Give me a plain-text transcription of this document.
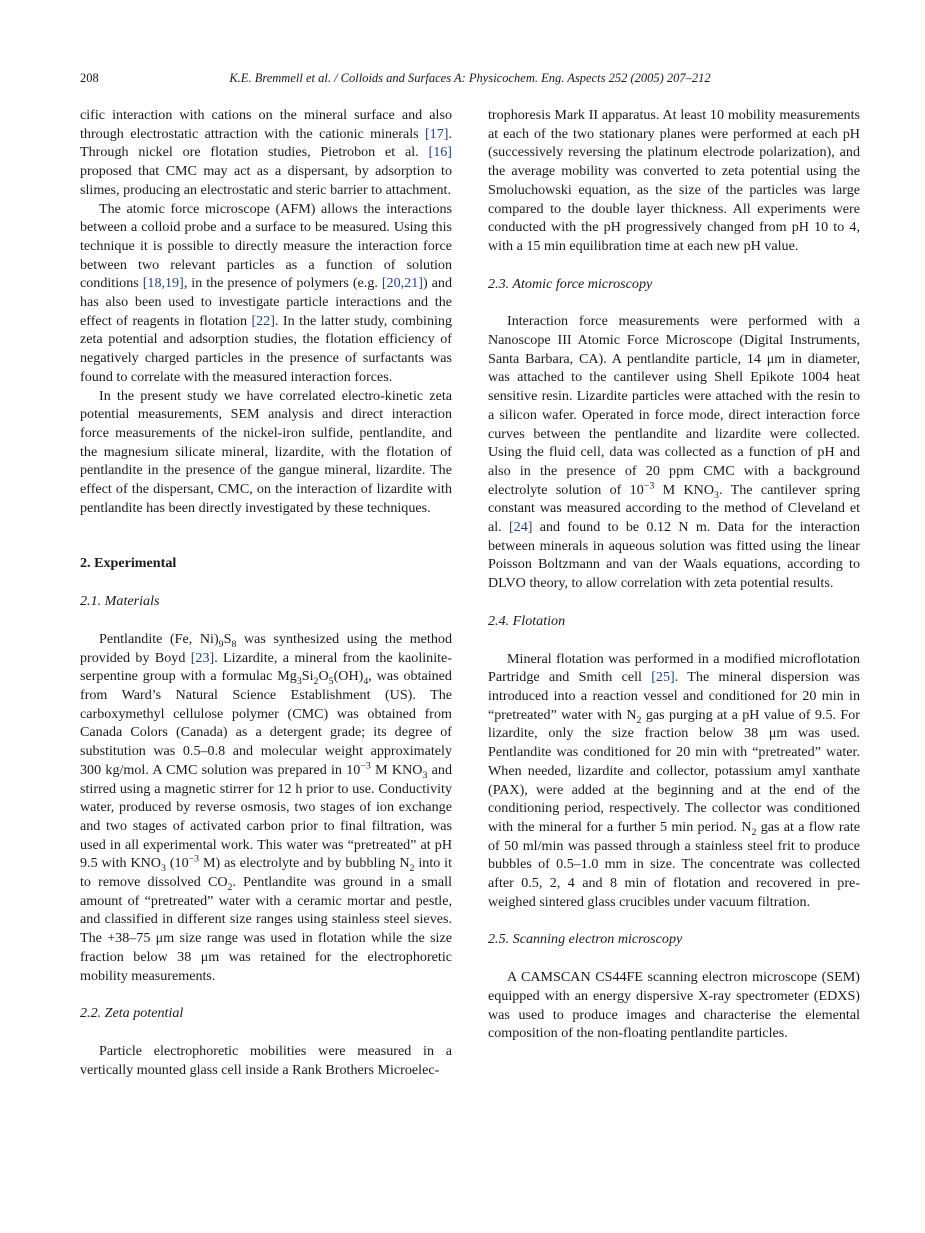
208	K.E. Bremmell et al. / Colloids and Surfaces A: Physicochem. Eng. Aspects 252 (2005) 207–212

cific interaction with cations on the mineral surface and also through electrostatic attraction with the cationic minerals [17]. Through nickel ore flotation studies, Pietrobon et al. [16] proposed that CMC may act as a dispersant, by adsorption to slimes, producing an electrostatic and steric barrier to attachment.

The atomic force microscope (AFM) allows the interactions between a colloid probe and a surface to be measured. Using this technique it is possible to directly measure the interaction force between two relevant particles as a function of solution conditions [18,19], in the presence of polymers (e.g. [20,21]) and has also been used to investigate particle interactions and the effect of reagents in flotation [22]. In the latter study, combining zeta potential and adsorption studies, the flotation efficiency of negatively charged particles in the presence of surfactants was found to correlate with the measured interaction forces.

In the present study we have correlated electro-kinetic zeta potential measurements, SEM analysis and direct interaction force measurements of the nickel-iron sulfide, pentlandite, and the magnesium silicate mineral, lizardite, with the flotation of pentlandite in the presence of the gangue mineral, lizardite. The effect of the dispersant, CMC, on the interaction of lizardite with pentlandite has been directly investigated by these techniques.

2. Experimental
2.1. Materials

Pentlandite (Fe, $Ni)_9S_8$ was synthesized using the method provided by Boyd [23]. Lizardite, a mineral from the kaolinite-serpentine group with a formulac $Mg_3Si_2O_5(OH)_4$, was obtained from Ward’s Natural Science Establishment (US). The carboxymethyl cellulose polymer (CMC) was obtained from Canada Colors (Canada) as a detergent grade; its degree of substitution was 0.5–0.8 and molecular weight approximately 300 kg/mol. A CMC solution was prepared in $10^{-3}$ M $KNO_3$ and stirred using a magnetic stirrer for 12 h prior to use. Conductivity water, produced by reverse osmosis, two stages of ion exchange and two stages of activated carbon prior to final filtration, was used in all experimental work. This water was “pretreated” at pH 9.5 with $KNO_3$ ($10^{-3}$ M) as electrolyte and by bubbling $N_2$ into it to remove dissolved $CO_2$. Pentlandite was ground in a small amount of “pretreated” water with a ceramic mortar and pestle, and classified in different size ranges using stainless steel sieves. The +38–75 μm size range was used in flotation while the size fraction below 38 μm was retained for the electrophoretic mobility measurements.

2.2. Zeta potential

Particle electrophoretic mobilities were measured in a vertically mounted glass cell inside a Rank Brothers Microelec-

trophoresis Mark II apparatus. At least 10 mobility measurements at each of the two stationary planes were performed at each pH (successively reversing the platinum electrode polarization), and the average mobility was converted to zeta potential using the Smoluchowski equation, as the size of the particles was large compared to the double layer thickness. All experiments were conducted with the pH progressively changed from pH 10 to 4, with a 15 min equilibration time at each new pH value.

2.3. Atomic force microscopy

Interaction force measurements were performed with a Nanoscope III Atomic Force Microscope (Digital Instruments, Santa Barbara, CA). A pentlandite particle, 14 μm in diameter, was attached to the cantilever using Shell Epikote 1004 heat sensitive resin. Lizardite particles were attached with the resin to a silicon wafer. Operated in force mode, direct interaction force curves between the pentlandite and lizardite were collected. Using the fluid cell, data was collected as a function of pH and also in the presence of 20 ppm CMC with a background electrolyte solution of $10^{-3}$ M $KNO_3$. The cantilever spring constant was measured according to the method of Cleveland et al. [24] and found to be 0.12 N m. Data for the interaction between minerals in aqueous solution was fitted using the linear Poisson Boltzmann and van der Waals equations, according to DLVO theory, to allow correlation with zeta potential results.

2.4. Flotation

Mineral flotation was performed in a modified microflotation Partridge and Smith cell [25]. The mineral dispersion was introduced into a reaction vessel and conditioned for 20 min in “pretreated” water with $N_2$ gas purging at a pH value of 9.5. For lizardite, only the size fraction below 38 μm was used. Pentlandite was conditioned for 20 min with “pretreated” water. When needed, lizardite and collector, potassium amyl xanthate (PAX), were added at the beginning and at the end of the conditioning period, respectively. The collector was conditioned with the mineral for a further 5 min period. $N_2$ gas at a flow rate of 50 ml/min was passed through a stainless steel frit to produce bubbles of 0.5–1.0 mm in size. The concentrate was collected after 0.5, 2, 4 and 8 min of flotation and recovered in pre-weighed sintered glass crucibles under vacuum filtration.

2.5. Scanning electron microscopy

A CAMSCAN CS44FE scanning electron microscope (SEM) equipped with an energy dispersive X-ray spectrometer (EDXS) was used to produce images and characterise the elemental composition of the non-floating pentlandite particles.
